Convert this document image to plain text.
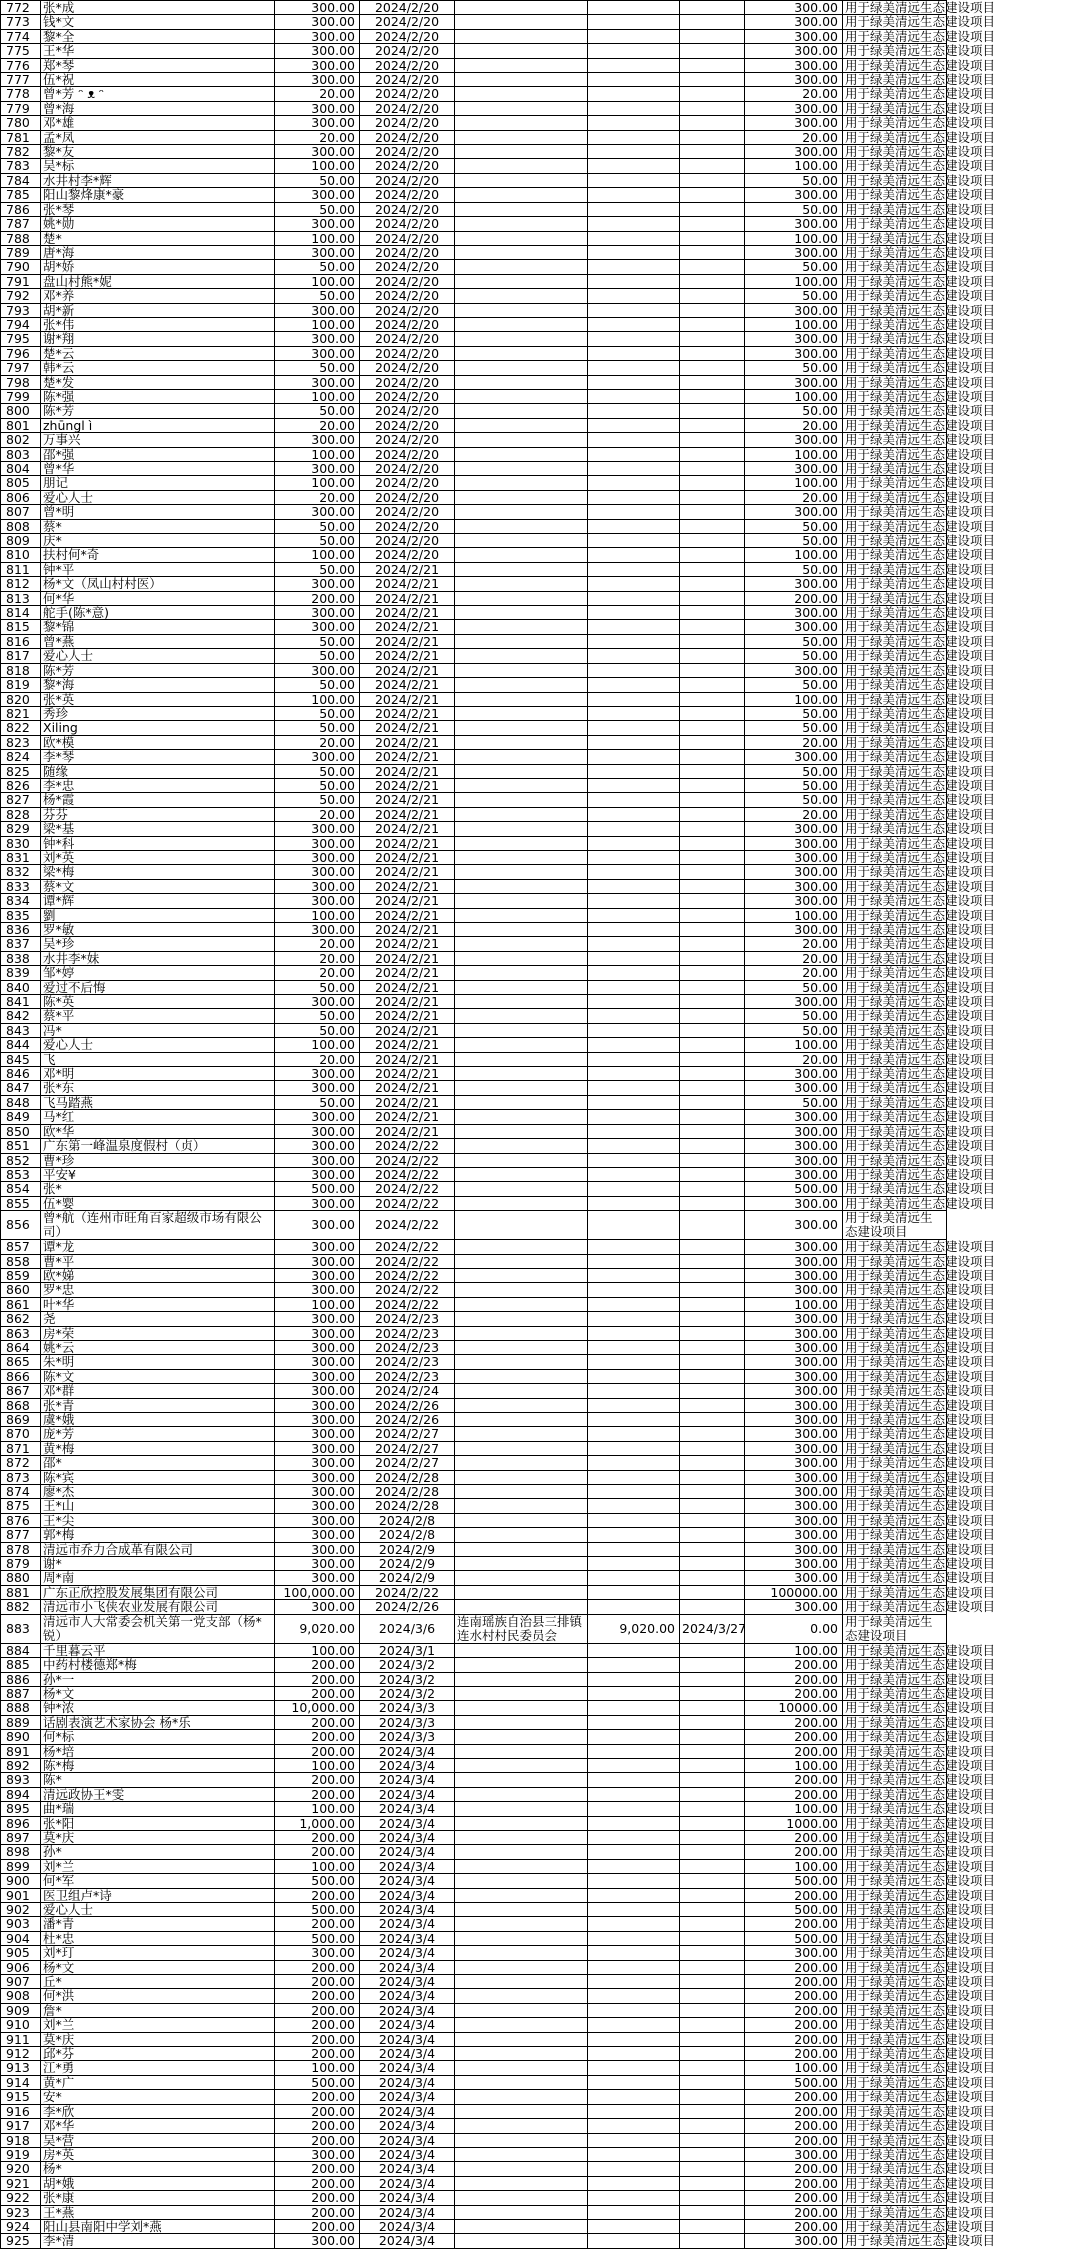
772	张*成	300.00	2024/2/20				300.00	用于绿美清远生态建设项目
773	钱*文	300.00	2024/2/20				300.00	用于绿美清远生态建设项目
774	黎*全	300.00	2024/2/20				300.00	用于绿美清远生态建设项目
775	王*华	300.00	2024/2/20				300.00	用于绿美清远生态建设项目
776	郑*琴	300.00	2024/2/20				300.00	用于绿美清远生态建设项目
777	伍*祝	300.00	2024/2/20				300.00	用于绿美清远生态建设项目
778	曾*芳 ᵔ ᴥ ᵔ	20.00	2024/2/20				20.00	用于绿美清远生态建设项目
779	曾*海	300.00	2024/2/20				300.00	用于绿美清远生态建设项目
780	邓*雄	300.00	2024/2/20				300.00	用于绿美清远生态建设项目
781	孟*凤	20.00	2024/2/20				20.00	用于绿美清远生态建设项目
782	黎*友	300.00	2024/2/20				300.00	用于绿美清远生态建设项目
783	吴*标	100.00	2024/2/20				100.00	用于绿美清远生态建设项目
784	水井村李*辉	50.00	2024/2/20				50.00	用于绿美清远生态建设项目
785	阳山黎烽康*豪	300.00	2024/2/20				300.00	用于绿美清远生态建设项目
786	张*琴	50.00	2024/2/20				50.00	用于绿美清远生态建设项目
787	姚*勋	300.00	2024/2/20				300.00	用于绿美清远生态建设项目
788	楚*	100.00	2024/2/20				100.00	用于绿美清远生态建设项目
789	唐*海	300.00	2024/2/20				300.00	用于绿美清远生态建设项目
790	胡*娇	50.00	2024/2/20				50.00	用于绿美清远生态建设项目
791	盘山村熊*妮	100.00	2024/2/20				100.00	用于绿美清远生态建设项目
792	邓*养	50.00	2024/2/20				50.00	用于绿美清远生态建设项目
793	胡*新	300.00	2024/2/20				300.00	用于绿美清远生态建设项目
794	张*伟	100.00	2024/2/20				100.00	用于绿美清远生态建设项目
795	谢*翔	300.00	2024/2/20				300.00	用于绿美清远生态建设项目
796	楚*云	300.00	2024/2/20				300.00	用于绿美清远生态建设项目
797	韩*云	50.00	2024/2/20				50.00	用于绿美清远生态建设项目
798	楚*发	300.00	2024/2/20				300.00	用于绿美清远生态建设项目
799	陈*强	100.00	2024/2/20				100.00	用于绿美清远生态建设项目
800	陈*芳	50.00	2024/2/20				50.00	用于绿美清远生态建设项目
801	zhūngl ì	20.00	2024/2/20				20.00	用于绿美清远生态建设项目
802	万事兴	300.00	2024/2/20				300.00	用于绿美清远生态建设项目
803	邵*强	100.00	2024/2/20				100.00	用于绿美清远生态建设项目
804	曾*华	300.00	2024/2/20				300.00	用于绿美清远生态建设项目
805	朋记	100.00	2024/2/20				100.00	用于绿美清远生态建设项目
806	爱心人士	20.00	2024/2/20				20.00	用于绿美清远生态建设项目
807	曾*明	300.00	2024/2/20				300.00	用于绿美清远生态建设项目
808	蔡*	50.00	2024/2/20				50.00	用于绿美清远生态建设项目
809	庆*	50.00	2024/2/20				50.00	用于绿美清远生态建设项目
810	扶村何*奇	100.00	2024/2/20				100.00	用于绿美清远生态建设项目
811	钟*平	50.00	2024/2/21				50.00	用于绿美清远生态建设项目
812	杨*文（凤山村村医）	300.00	2024/2/21				300.00	用于绿美清远生态建设项目
813	何*华	200.00	2024/2/21				200.00	用于绿美清远生态建设项目
814	舵手(陈*意)	300.00	2024/2/21				300.00	用于绿美清远生态建设项目
815	黎*锦	300.00	2024/2/21				300.00	用于绿美清远生态建设项目
816	曾*燕	50.00	2024/2/21				50.00	用于绿美清远生态建设项目
817	爱心人士	50.00	2024/2/21				50.00	用于绿美清远生态建设项目
818	陈*芳	300.00	2024/2/21				300.00	用于绿美清远生态建设项目
819	黎*海	50.00	2024/2/21				50.00	用于绿美清远生态建设项目
820	张*英	100.00	2024/2/21				100.00	用于绿美清远生态建设项目
821	秀珍	50.00	2024/2/21				50.00	用于绿美清远生态建设项目
822	Xiling	50.00	2024/2/21				50.00	用于绿美清远生态建设项目
823	欧*模	20.00	2024/2/21				20.00	用于绿美清远生态建设项目
824	李*琴	300.00	2024/2/21				300.00	用于绿美清远生态建设项目
825	随缘	50.00	2024/2/21				50.00	用于绿美清远生态建设项目
826	李*忠	50.00	2024/2/21				50.00	用于绿美清远生态建设项目
827	杨*霞	50.00	2024/2/21				50.00	用于绿美清远生态建设项目
828	芬芬	20.00	2024/2/21				20.00	用于绿美清远生态建设项目
829	梁*基	300.00	2024/2/21				300.00	用于绿美清远生态建设项目
830	钟*科	300.00	2024/2/21				300.00	用于绿美清远生态建设项目
831	刘*英	300.00	2024/2/21				300.00	用于绿美清远生态建设项目
832	梁*梅	300.00	2024/2/21				300.00	用于绿美清远生态建设项目
833	蔡*文	300.00	2024/2/21				300.00	用于绿美清远生态建设项目
834	谭*辉	300.00	2024/2/21				300.00	用于绿美清远生态建设项目
835	劉	100.00	2024/2/21				100.00	用于绿美清远生态建设项目
836	罗*敏	300.00	2024/2/21				300.00	用于绿美清远生态建设项目
837	吴*珍	20.00	2024/2/21				20.00	用于绿美清远生态建设项目
838	水井李*妹	20.00	2024/2/21				20.00	用于绿美清远生态建设项目
839	邹*婷	20.00	2024/2/21				20.00	用于绿美清远生态建设项目
840	爱过不后悔	50.00	2024/2/21				50.00	用于绿美清远生态建设项目
841	陈*英	300.00	2024/2/21				300.00	用于绿美清远生态建设项目
842	蔡*平	50.00	2024/2/21				50.00	用于绿美清远生态建设项目
843	冯*	50.00	2024/2/21				50.00	用于绿美清远生态建设项目
844	爱心人士	100.00	2024/2/21				100.00	用于绿美清远生态建设项目
845	飞	20.00	2024/2/21				20.00	用于绿美清远生态建设项目
846	邓*明	300.00	2024/2/21				300.00	用于绿美清远生态建设项目
847	张*东	300.00	2024/2/21				300.00	用于绿美清远生态建设项目
848	飞马踏燕	50.00	2024/2/21				50.00	用于绿美清远生态建设项目
849	马*红	300.00	2024/2/21				300.00	用于绿美清远生态建设项目
850	欧*华	300.00	2024/2/21				300.00	用于绿美清远生态建设项目
851	广东第一峰温泉度假村（贞）	300.00	2024/2/22				300.00	用于绿美清远生态建设项目
852	曹*珍	300.00	2024/2/22				300.00	用于绿美清远生态建设项目
853	平安¥	300.00	2024/2/22				300.00	用于绿美清远生态建设项目
854	张*	500.00	2024/2/22				500.00	用于绿美清远生态建设项目
855	伍*婴	300.00	2024/2/22				300.00	用于绿美清远生态建设项目
856	曾*航（连州市旺角百家超级市场有限公司）	300.00	2024/2/22				300.00	用于绿美清远生态建设项目
857	谭*龙	300.00	2024/2/22				300.00	用于绿美清远生态建设项目
858	曹*平	300.00	2024/2/22				300.00	用于绿美清远生态建设项目
859	欧*娣	300.00	2024/2/22				300.00	用于绿美清远生态建设项目
860	罗*忠	300.00	2024/2/22				300.00	用于绿美清远生态建设项目
861	叶*华	100.00	2024/2/22				100.00	用于绿美清远生态建设项目
862	尧	300.00	2024/2/23				300.00	用于绿美清远生态建设项目
863	房*荣	300.00	2024/2/23				300.00	用于绿美清远生态建设项目
864	姚*云	300.00	2024/2/23				300.00	用于绿美清远生态建设项目
865	朱*明	300.00	2024/2/23				300.00	用于绿美清远生态建设项目
866	陈*文	300.00	2024/2/23				300.00	用于绿美清远生态建设项目
867	邓*群	300.00	2024/2/24				300.00	用于绿美清远生态建设项目
868	张*青	300.00	2024/2/26				300.00	用于绿美清远生态建设项目
869	虞*娥	300.00	2024/2/26				300.00	用于绿美清远生态建设项目
870	庞*芳	300.00	2024/2/27				300.00	用于绿美清远生态建设项目
871	黄*梅	300.00	2024/2/27				300.00	用于绿美清远生态建设项目
872	邵*	300.00	2024/2/27				300.00	用于绿美清远生态建设项目
873	陈*宾	300.00	2024/2/28				300.00	用于绿美清远生态建设项目
874	廖*杰	300.00	2024/2/28				300.00	用于绿美清远生态建设项目
875	王*山	300.00	2024/2/28				300.00	用于绿美清远生态建设项目
876	王*尖	300.00	2024/2/8				300.00	用于绿美清远生态建设项目
877	郭*梅	300.00	2024/2/8				300.00	用于绿美清远生态建设项目
878	清远市乔力合成革有限公司	300.00	2024/2/9				300.00	用于绿美清远生态建设项目
879	谢*	300.00	2024/2/9				300.00	用于绿美清远生态建设项目
880	周*南	300.00	2024/2/9				300.00	用于绿美清远生态建设项目
881	广东正欣控股发展集团有限公司	100,000.00	2024/2/22				100000.00	用于绿美清远生态建设项目
882	清远市小飞侠农业发展有限公司	300.00	2024/2/26				300.00	用于绿美清远生态建设项目
883	清远市人大常委会机关第一党支部（杨*锐）	9,020.00	2024/3/6	连南瑶族自治县三排镇连水村村民委员会	9,020.00	2024/3/27	0.00	用于绿美清远生态建设项目
884	千里暮云平	100.00	2024/3/1				100.00	用于绿美清远生态建设项目
885	中药村楼德郑*梅	200.00	2024/3/2				200.00	用于绿美清远生态建设项目
886	孙*一	200.00	2024/3/2				200.00	用于绿美清远生态建设项目
887	杨*文	200.00	2024/3/2				200.00	用于绿美清远生态建设项目
888	钟*浓	10,000.00	2024/3/3				10000.00	用于绿美清远生态建设项目
889	话剧表演艺术家协会 杨*乐	200.00	2024/3/3				200.00	用于绿美清远生态建设项目
890	何*标	200.00	2024/3/3				200.00	用于绿美清远生态建设项目
891	杨*培	200.00	2024/3/4				200.00	用于绿美清远生态建设项目
892	陈*梅	100.00	2024/3/4				100.00	用于绿美清远生态建设项目
893	陈*	200.00	2024/3/4				200.00	用于绿美清远生态建设项目
894	清远政协王*雯	200.00	2024/3/4				200.00	用于绿美清远生态建设项目
895	曲*瑞	100.00	2024/3/4				100.00	用于绿美清远生态建设项目
896	张*阳	1,000.00	2024/3/4				1000.00	用于绿美清远生态建设项目
897	莫*庆	200.00	2024/3/4				200.00	用于绿美清远生态建设项目
898	孙*	200.00	2024/3/4				200.00	用于绿美清远生态建设项目
899	刘*兰	100.00	2024/3/4				100.00	用于绿美清远生态建设项目
900	何*军	500.00	2024/3/4				500.00	用于绿美清远生态建设项目
901	医卫组卢*诗	200.00	2024/3/4				200.00	用于绿美清远生态建设项目
902	爱心人士	500.00	2024/3/4				500.00	用于绿美清远生态建设项目
903	潘*青	200.00	2024/3/4				200.00	用于绿美清远生态建设项目
904	杜*忠	500.00	2024/3/4				500.00	用于绿美清远生态建设项目
905	刘*玎	300.00	2024/3/4				300.00	用于绿美清远生态建设项目
906	杨*文	200.00	2024/3/4				200.00	用于绿美清远生态建设项目
907	丘*	200.00	2024/3/4				200.00	用于绿美清远生态建设项目
908	何*洪	200.00	2024/3/4				200.00	用于绿美清远生态建设项目
909	詹*	200.00	2024/3/4				200.00	用于绿美清远生态建设项目
910	刘*兰	200.00	2024/3/4				200.00	用于绿美清远生态建设项目
911	莫*庆	200.00	2024/3/4				200.00	用于绿美清远生态建设项目
912	邱*芬	200.00	2024/3/4				200.00	用于绿美清远生态建设项目
913	江*勇	100.00	2024/3/4				100.00	用于绿美清远生态建设项目
914	黄*广	500.00	2024/3/4				500.00	用于绿美清远生态建设项目
915	安*	200.00	2024/3/4				200.00	用于绿美清远生态建设项目
916	李*欣	200.00	2024/3/4				200.00	用于绿美清远生态建设项目
917	邓*华	200.00	2024/3/4				200.00	用于绿美清远生态建设项目
918	吴*营	200.00	2024/3/4				200.00	用于绿美清远生态建设项目
919	房*英	300.00	2024/3/4				300.00	用于绿美清远生态建设项目
920	杨*	200.00	2024/3/4				200.00	用于绿美清远生态建设项目
921	胡*娥	200.00	2024/3/4				200.00	用于绿美清远生态建设项目
922	张*康	200.00	2024/3/4				200.00	用于绿美清远生态建设项目
923	王*燕	200.00	2024/3/4				200.00	用于绿美清远生态建设项目
924	阳山县南阳中学刘*燕	200.00	2024/3/4				200.00	用于绿美清远生态建设项目
925	李*清	300.00	2024/3/4				300.00	用于绿美清远生态建设项目
